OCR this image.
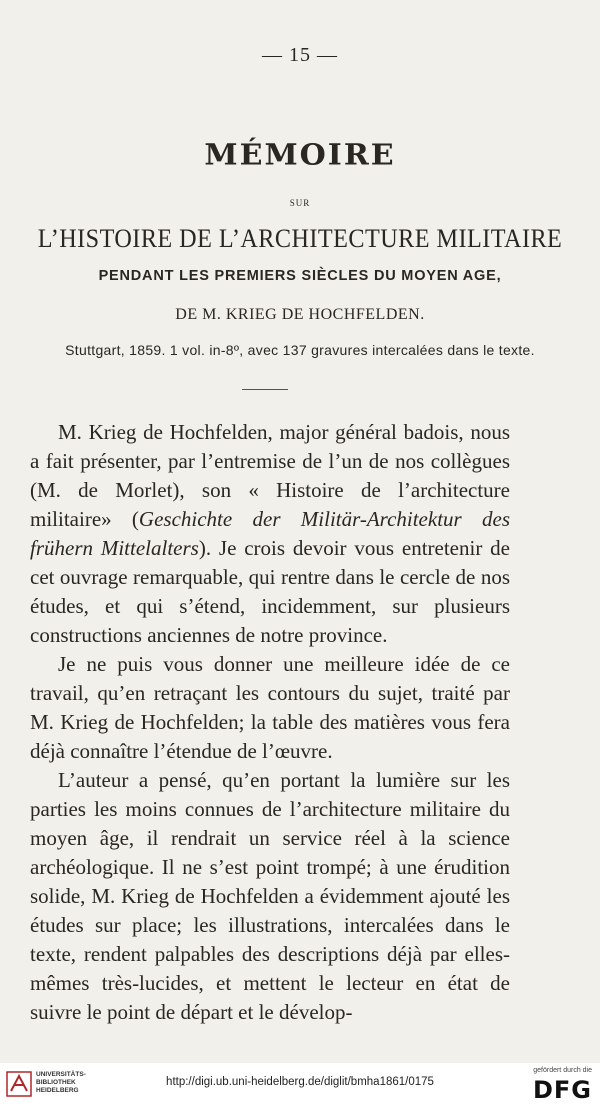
— 15 —
MÉMOIRE
SUR
L’HISTOIRE DE L’ARCHITECTURE MILITAIRE
PENDANT LES PREMIERS SIÈCLES DU MOYEN AGE,
DE M. KRIEG DE HOCHFELDEN.
Stuttgart, 1859. 1 vol. in-8º, avec 137 gravures intercalées dans le texte.

M. Krieg de Hochfelden, major général badois, nous a fait présenter, par l’entremise de l’un de nos collègues (M. de Morlet), son « Histoire de l’architecture militaire» (Geschichte der Militär-Architektur des frühern Mittelalters). Je crois devoir vous entretenir de cet ouvrage remarquable, qui rentre dans le cercle de nos études, et qui s’étend, incidemment, sur plusieurs constructions anciennes de notre province.

Je ne puis vous donner une meilleure idée de ce travail, qu’en retraçant les contours du sujet, traité par M. Krieg de Hochfelden; la table des matières vous fera déjà connaître l’étendue de l’œuvre.

L’auteur a pensé, qu’en portant la lumière sur les parties les moins connues de l’architecture militaire du moyen âge, il rendrait un service réel à la science archéologique. Il ne s’est point trompé; à une érudition solide, M. Krieg de Hochfelden a évidemment ajouté les études sur place; les illustrations, intercalées dans le texte, rendent palpables des descriptions déjà par elles-mêmes très-lucides, et mettent le lecteur en état de suivre le point de départ et le dévelop-

UNIVERSITÄTS-
BIBLIOTHEK
HEIDELBERG
http://digi.ub.uni-heidelberg.de/diglit/bmha1861/0175
gefördert durch die
DFG
